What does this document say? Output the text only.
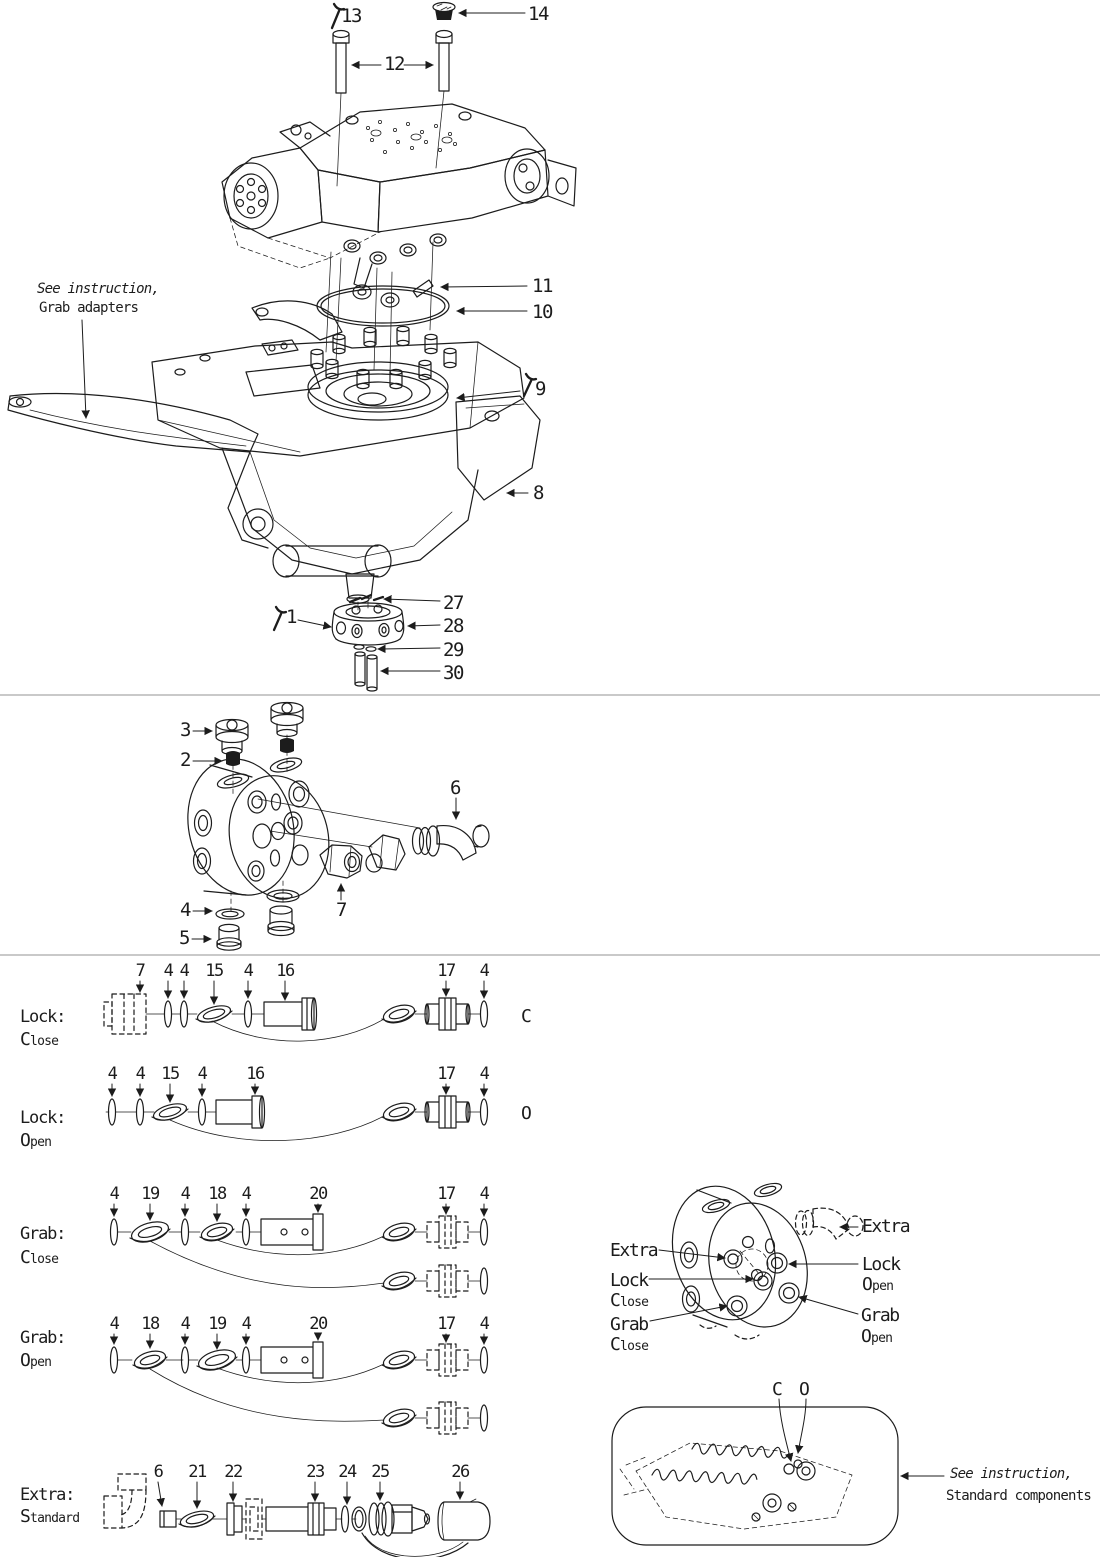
13	14
12
11
10
9
8
1
27
28
29
30
See instruction,
Grab adapters
3
2
6
7
4
5
Lock:
Close
Lock:
Open
Grab:
Close
Grab:
Open
Extra:
Standard
C
O
7 4 4 15 4 16	17 4
4 4 15 4 16	17 4
4 19 4 18 4	20	17 4
4 18 4 19 4	20	17 4
6 21 22	23 24 25	26
Extra
Extra
Lock
Open
Lock
Close
Grab
Open
Grab
Close
C O
See instruction,
Standard components
